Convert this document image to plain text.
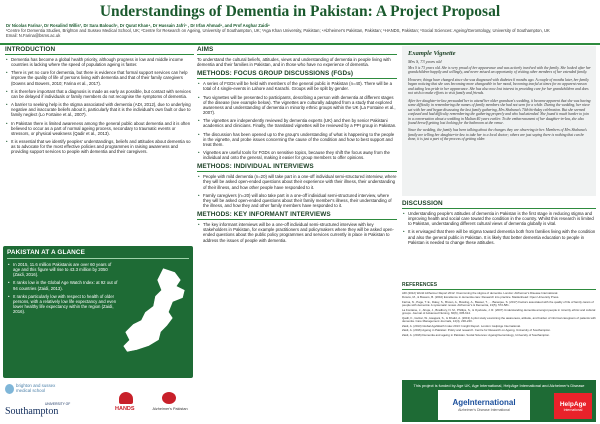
Understandings of Dementia in Pakistan: A Project Proposal
Dr Nicolas Farina¹, Dr Rosalind Willis², Dr Sara Balouch³, Dr Qurat Khan⁴, Dr Hussain Jafri⁵ , Dr Irfan Ahmad⁶, and Prof Asghar Zaidi⁶
¹Centre for Dementia Studies, Brighton and Sussex Medical School, UK; ²Centre for Research on Ageing, University of Southampton, UK; ³Aga Khan University, Pakistan; ⁴Alzheimer's Pakistan, Pakistan; ⁵HANDS, Pakistan; ⁶Social Sciences: Ageing/Gerontology, University of Southampton, UK
Email: N.Farina@bsms.ac.uk
INTRODUCTION
• Dementia has become a global health priority, although progress in low and middle income countries is lacking where the speed of population ageing is faster.
• There is yet no cure for dementia, but there is evidence that formal support services can help improve the quality of life of persons living with dementia and that of their family caregivers (Downs and Bowers, 2010; Farina et al., 2017).
• It is therefore important that a diagnosis is made as early as possible, but contact with services can be delayed if individuals or family members do not recognise the symptoms of dementia.
• A barrier to seeking help is the stigma associated with dementia (ADI, 2012), due to underlying negative and inaccurate beliefs about it, particularly that it is the individual's own fault or due to family neglect (Lo Fortaine et al., 2007).
• In Pakistan there is limited awareness among the general public about dementia and it is often believed to occur as a part of normal ageing process, secondary to traumatic events or stressors, or physical weakness (Qadir et al., 2013).
• It is essential that we identify peoples' understandings, beliefs and attitudes about dementia so as to advocate for the most effective policies and programmes in raising awareness and providing support services to people with dementia and their caregivers.
PAKISTAN AT A GLANCE
• In 2015, 11.6 million Pakistanis are over 60 years of age and this figure will rise to 43.3 million by 2050 (Zaidi, 2016).
• It ranks low in the Global Age Watch Index: at 92 out of 94 countries (Zaidi, 2013).
• It ranks particularly low with respect to health of older persons, with a relatively low life expectancy and even lower healthy life expectancy within the region (Zaidi, 2016).
brighton and sussex medical school
UNIVERSITY OF
Southampton	HANDS	Alzheimer's Pakistan
AIMS
To understand the cultural beliefs, attitudes, views and understanding of dementia in people living with dementia and their families in Pakistan, and in those who have no experience of dementia.
METHODS: FOCUS GROUP DISCUSSIONS (FGDs)
• A series of FGDs will be held with members of the general public in Pakistan (n=40). There will be a total of 4 single-events in Lahore and Karachi. Groups will be split by gender.
• Two vignettes will be presented to participants, describing a person with dementia at different stages of the disease (see example below). The vignettes are culturally adapted from a study that explored awareness and understanding of dementia in minority ethnic groups within the UK (La Fontaine et al., 2007).
• The vignettes are independently reviewed by dementia experts (UK) and then by senior Pakistani academics and clinicians. Finally, the translated vignettes will be reviewed by a PPI group in Pakistan.
• The discussion has been opened up to the group's understanding of what is happening to the people in the vignette, and probe issues concerning the cause of the condition and how to best support and treat them.
• Vignettes are useful tools for FGDs on sensitive topics, because they shift the focus away from the individual and onto the general, making it easier for group members to offer opinions.
METHODS: INDIVIDUAL INTERVIEWS
• People with mild dementia (n=20) will take part in a one-off individual semi-structured interview, where they will be asked open-ended questions about their experience with their illness, their understanding of their illness, and how other people have responded to it.
• Family caregivers (n=20) will also take part in a one-off individual semi-structured interview, where they will be asked open-ended questions about their family member's illness, their understanding of the illness, and how they and other family members have responded to it.
METHODS: KEY INFORMANT INTERVIEWS
• The key informant interviews will be a one-off individual semi-structured interview with key stakeholders in Pakistan, for example practitioners and policymakers where they will be asked open-ended questions about the public policy programmes and services currently in place in Pakistan to address the issues of people with dementia.
Example Vignette
Mrs S, 73 years old

Mrs S is 73 years old. She is very proud of her appearance and was actively involved with the family. She looked after her grandchildren happily and willingly, and never missed an opportunity of visiting other members of her extended family.

However, things have changed since she was diagnosed with diabetes 6 months ago. A couple of months later, her family began noticing that she was becoming more changeable in her mood, becoming tearful at times for no apparent reason and taking less pride in her appearance. She has also now lost interest in providing care for her grandchildren and does not wish to make efforts to visit family and friends.

After her daughter-in-law persuaded her to attend her older grandson's wedding, it became apparent that she was having some difficulty in remembering the names of family members she had not seen for a while. During the wedding, her niece sat with her and began discussing the last family gathering, Mrs Shabana's 70th birthday celebration. But she seemed confused and had difficulty remembering the gathering properly and who had attended. She found it much harder to join in a conversation about a wedding in Multan 40 years earlier. To the embarrassment of her daughter-in-law, she also found herself getting lost looking for the bathroom at the venue.

Since the wedding, the family has been talking about the changes they are observing in her. Members of Mrs Shabana's family are telling her daughter-in-law to take her to a local doctor; others are just saying there is nothing that can be done, it is just a part of the process of getting older.

DISCUSSION
• Understanding people's attitudes of dementia in Pakistan is the first stage in reducing stigma and improving health and social care toward the condition in the country. Whilst this research is limited to Pakistan, understanding different cultural views of dementia globally is vital.
• It is envisaged that there will be stigma toward dementia both from families living with the condition and also the general public in Pakistan. It is likely that better dementia education to people in Pakistan is needed to change these attitudes.
REFERENCES
ADI (2012) World Alzheimer Report 2012: Overcoming the stigma of dementia. London: Alzheimer's Disease International.
Downs, M., & Bowers, B. (2010) Excellence in dementia care: Research into practice. Maidenhead: Open University Press.
Farina, N., Page, T. E., Daley, S., Brown, A., Bowling, A., Basset, T., ... Banerjee, S. (2017) Factors associated with the quality of life of family carers of people with dementia: A systematic review. Alzheimer's & Dementia, 13(5), 572-581.
La Fontaine, J., Ahuja, J., Bradbury, N. M., Phillips, S., & Oyebode, J. R. (2007) Understanding dementia amongst people in minority ethnic and cultural groups. Journal of Advanced Nursing, 60(6), 605-614.
Qadir, F., Gulzar, W., Haqqani, S., & Khalid, A. (2013) A pilot study examining the awareness, attitude, and burden of informal caregivers of patients with dementia. Care Management Journals, 14(4), 230-240.
Zaidi, A. (2013) Global AgeWatch Index 2013: Insight Report. London: HelpAge International.
Zaidi, A. (2016) Ageing in Pakistan: Policy and research. Centre for Research on Ageing, University of Southampton.
Zaidi, A. (2016) Dementia and ageing in Pakistan. Social Sciences: Ageing/Gerontology, University of Southampton.
This project is funded by Age UK, Age International, HelpAge International and Alzheimer's Disease
AgeInternational
Alzheimer's Disease International
HelpAge
International
